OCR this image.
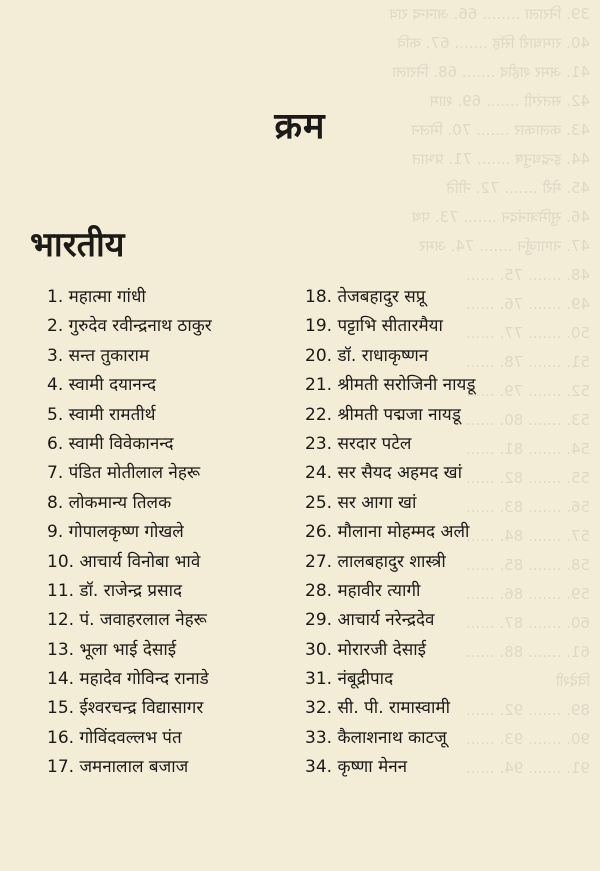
39. निराला ........ 66. आनन्द राव
40. रामधारी सिंह ....... 67. कवि
41. अमर शहीद ....... 68. निराला
42. सतरंगी ....... 69. शाम
43. कलाकार ....... 70. मिलन
44. इन्द्रधनुष ....... 71. प्रभात
45. मेरी ....... 72. नीति
46. सुमित्रानंदन ....... 73. पथ
47. नागार्जुन ....... 74. अमर
48. ....... 75. ......
49. ....... 76. ......
50. ....... 77. ......
51. ....... 78. ......
52. ....... 79. ......
53. ....... 80. ......
54. ....... 81. ......
55. ....... 82. ......
56. ....... 83. ......
57. ....... 84. ......
58. ....... 85. ......
59. ....... 86. ......
60. ....... 87. ......
61. ....... 88. ......
विदेशी
89. ....... 92. ......
90. ....... 93. ......
91. ....... 94. ......
क्रम
भारतीय
1. महात्मा गांधी
2. गुरुदेव रवीन्द्रनाथ ठाकुर
3. सन्त तुकाराम
4. स्वामी दयानन्द
5. स्वामी रामतीर्थ
6. स्वामी विवेकानन्द
7. पंडित मोतीलाल नेहरू
8. लोकमान्य तिलक
9. गोपालकृष्ण गोखले
10. आचार्य विनोबा भावे
11. डॉ. राजेन्द्र प्रसाद
12. पं. जवाहरलाल नेहरू
13. भूला भाई देसाई
14. महादेव गोविन्द रानाडे
15. ईश्वरचन्द्र विद्यासागर
16. गोविंदवल्लभ पंत
17. जमनालाल बजाज
18. तेजबहादुर सप्रू
19. पट्टाभि सीतारमैया
20. डॉ. राधाकृष्णन
21. श्रीमती सरोजिनी नायडू
22. श्रीमती पद्मजा नायडू
23. सरदार पटेल
24. सर सैयद अहमद खां
25. सर आगा खां
26. मौलाना मोहम्मद अली
27. लालबहादुर शास्त्री
28. महावीर त्यागी
29. आचार्य नरेन्द्रदेव
30. मोरारजी देसाई
31. नंबूद्रीपाद
32. सी. पी. रामास्वामी
33. कैलाशनाथ काटजू
34. कृष्णा मेनन
